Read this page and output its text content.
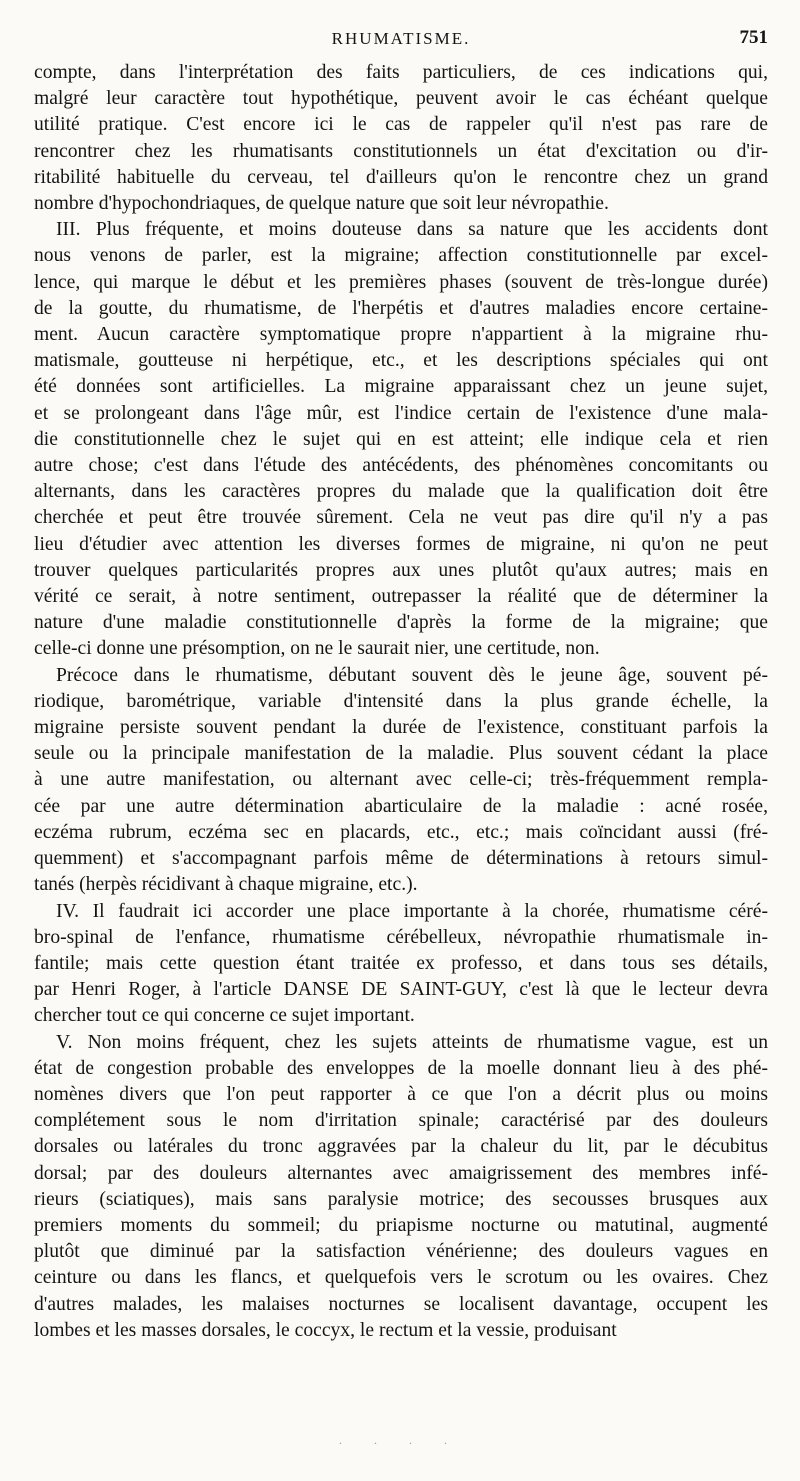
RHUMATISME.	751

compte, dans l'interprétation des faits particuliers, de ces indications qui,
malgré leur caractère tout hypothétique, peuvent avoir le cas échéant quelque
utilité pratique. C'est encore ici le cas de rappeler qu'il n'est pas rare de
rencontrer chez les rhumatisants constitutionnels un état d'excitation ou d'ir-
ritabilité habituelle du cerveau, tel d'ailleurs qu'on le rencontre chez un grand
nombre d'hypochondriaques, de quelque nature que soit leur névropathie.

III. Plus fréquente, et moins douteuse dans sa nature que les accidents dont
nous venons de parler, est la migraine; affection constitutionnelle par excel-
lence, qui marque le début et les premières phases (souvent de très-longue durée)
de la goutte, du rhumatisme, de l'herpétis et d'autres maladies encore certaine-
ment. Aucun caractère symptomatique propre n'appartient à la migraine rhu-
matismale, goutteuse ni herpétique, etc., et les descriptions spéciales qui ont
été données sont artificielles. La migraine apparaissant chez un jeune sujet,
et se prolongeant dans l'âge mûr, est l'indice certain de l'existence d'une mala-
die constitutionnelle chez le sujet qui en est atteint; elle indique cela et rien
autre chose; c'est dans l'étude des antécédents, des phénomènes concomitants ou
alternants, dans les caractères propres du malade que la qualification doit être
cherchée et peut être trouvée sûrement. Cela ne veut pas dire qu'il n'y a pas
lieu d'étudier avec attention les diverses formes de migraine, ni qu'on ne peut
trouver quelques particularités propres aux unes plutôt qu'aux autres; mais en
vérité ce serait, à notre sentiment, outrepasser la réalité que de déterminer la
nature d'une maladie constitutionnelle d'après la forme de la migraine; que
celle-ci donne une présomption, on ne le saurait nier, une certitude, non.

Précoce dans le rhumatisme, débutant souvent dès le jeune âge, souvent pé-
riodique, barométrique, variable d'intensité dans la plus grande échelle, la
migraine persiste souvent pendant la durée de l'existence, constituant parfois la
seule ou la principale manifestation de la maladie. Plus souvent cédant la place
à une autre manifestation, ou alternant avec celle-ci; très-fréquemment rempla-
cée par une autre détermination abarticulaire de la maladie : acné rosée,
eczéma rubrum, eczéma sec en placards, etc., etc.; mais coïncidant aussi (fré-
quemment) et s'accompagnant parfois même de déterminations à retours simul-
tanés (herpès récidivant à chaque migraine, etc.).

IV. Il faudrait ici accorder une place importante à la chorée, rhumatisme céré-
bro-spinal de l'enfance, rhumatisme cérébelleux, névropathie rhumatismale in-
fantile; mais cette question étant traitée ex professo, et dans tous ses détails,
par Henri Roger, à l'article DANSE DE SAINT-GUY, c'est là que le lecteur devra
chercher tout ce qui concerne ce sujet important.

V. Non moins fréquent, chez les sujets atteints de rhumatisme vague, est un
état de congestion probable des enveloppes de la moelle donnant lieu à des phé-
nomènes divers que l'on peut rapporter à ce que l'on a décrit plus ou moins
complétement sous le nom d'irritation spinale; caractérisé par des douleurs
dorsales ou latérales du tronc aggravées par la chaleur du lit, par le décubitus
dorsal; par des douleurs alternantes avec amaigrissement des membres infé-
rieurs (sciatiques), mais sans paralysie motrice; des secousses brusques aux
premiers moments du sommeil; du priapisme nocturne ou matutinal, augmenté
plutôt que diminué par la satisfaction vénérienne; des douleurs vagues en
ceinture ou dans les flancs, et quelquefois vers le scrotum ou les ovaires. Chez
d'autres malades, les malaises nocturnes se localisent davantage, occupent les
lombes et les masses dorsales, le coccyx, le rectum et la vessie, produisant

· · · ·
